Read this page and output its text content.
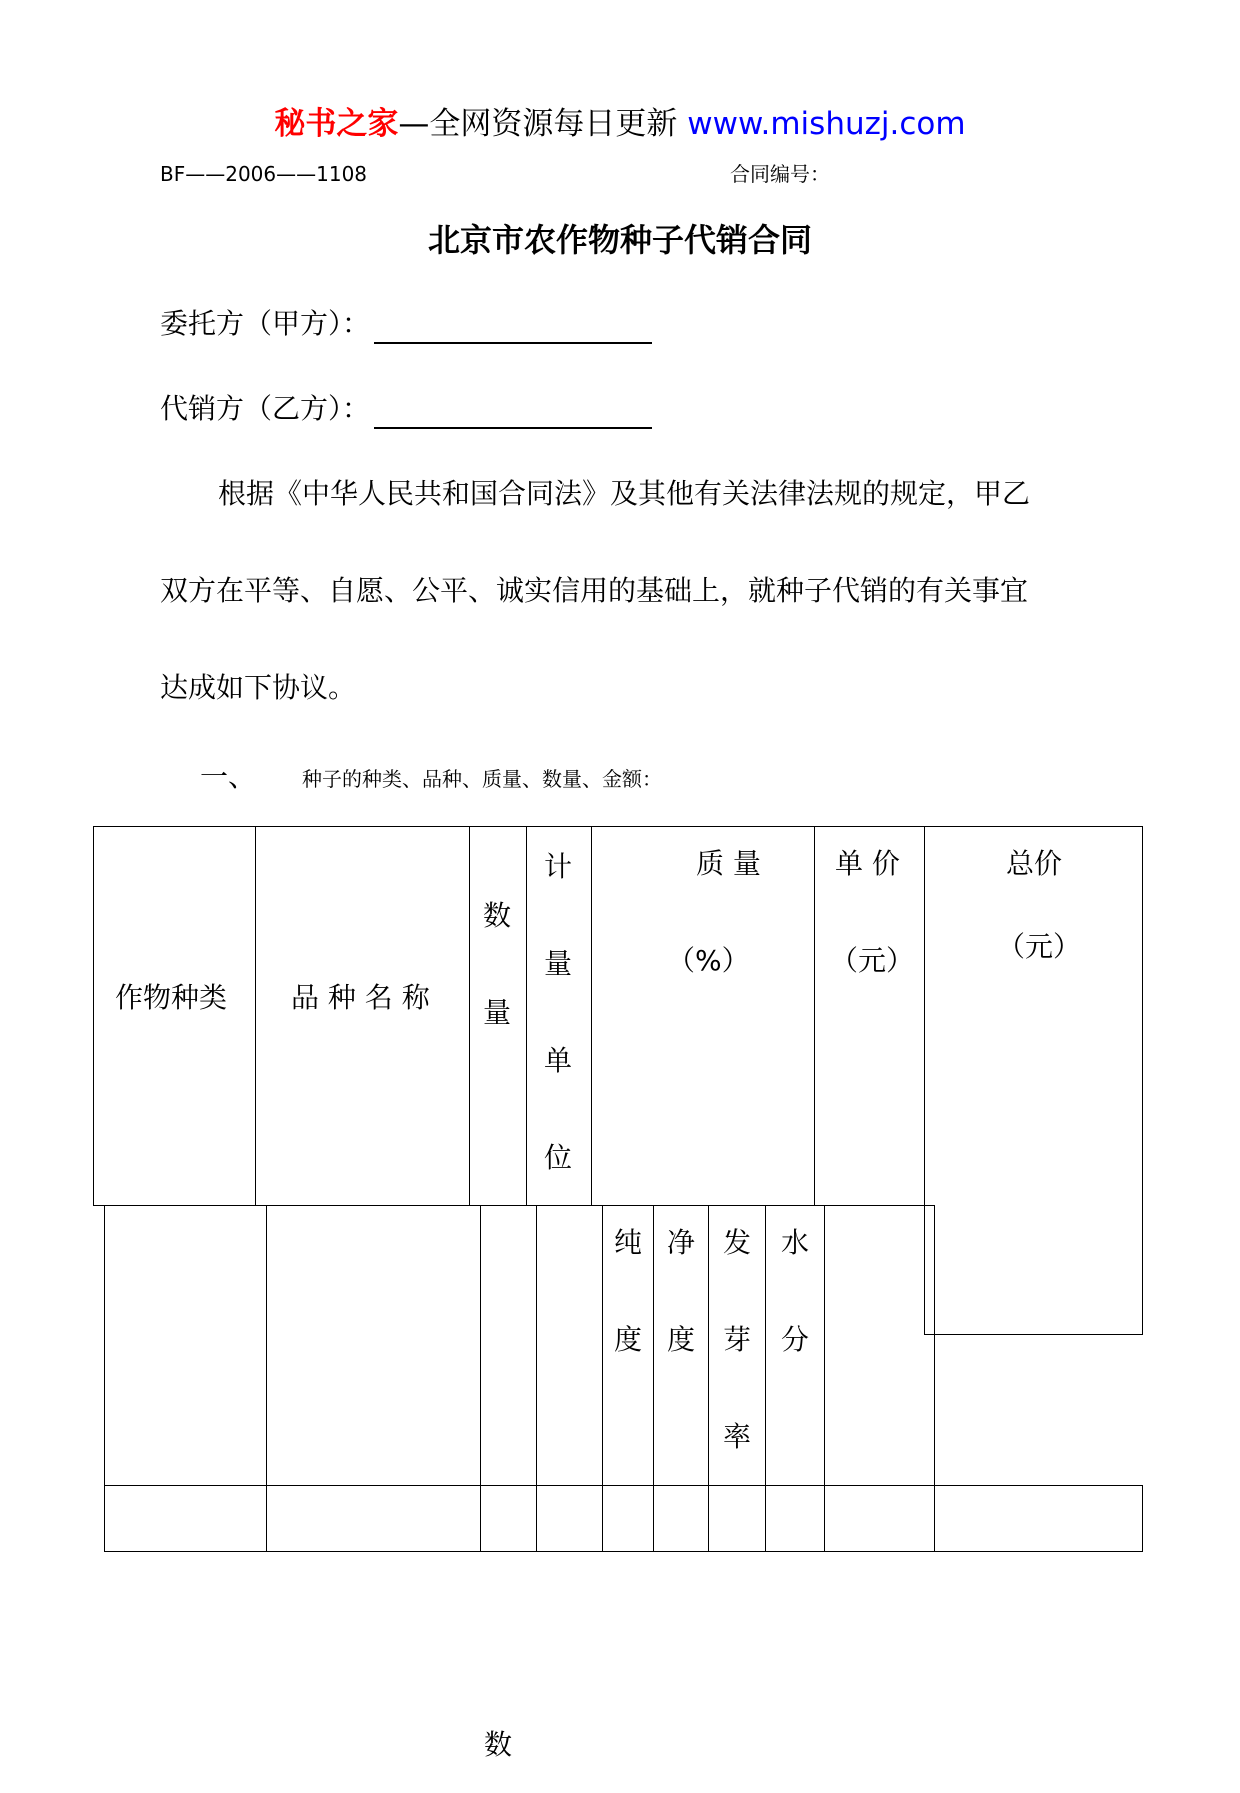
秘书之家—全网资源每日更新 www.mishuzj.com
BF——2006——1108	合同编号：
北京市农作物种子代销合同
委托方（甲方）：
代销方（乙方）：
根据《中华人民共和国合同法》及其他有关法律法规的规定，甲乙
双方在平等、自愿、公平、诚实信用的基础上，就种子代销的有关事宜
达成如下协议。
一、 种子的种类、品种、质量、数量、金额：
作物种类 品 种 名 称
数
数
量
计
量
单
位
质 量
（%）
单 价
（元）
总价
（元）
纯
度
净
度
发
芽
率
水
分
